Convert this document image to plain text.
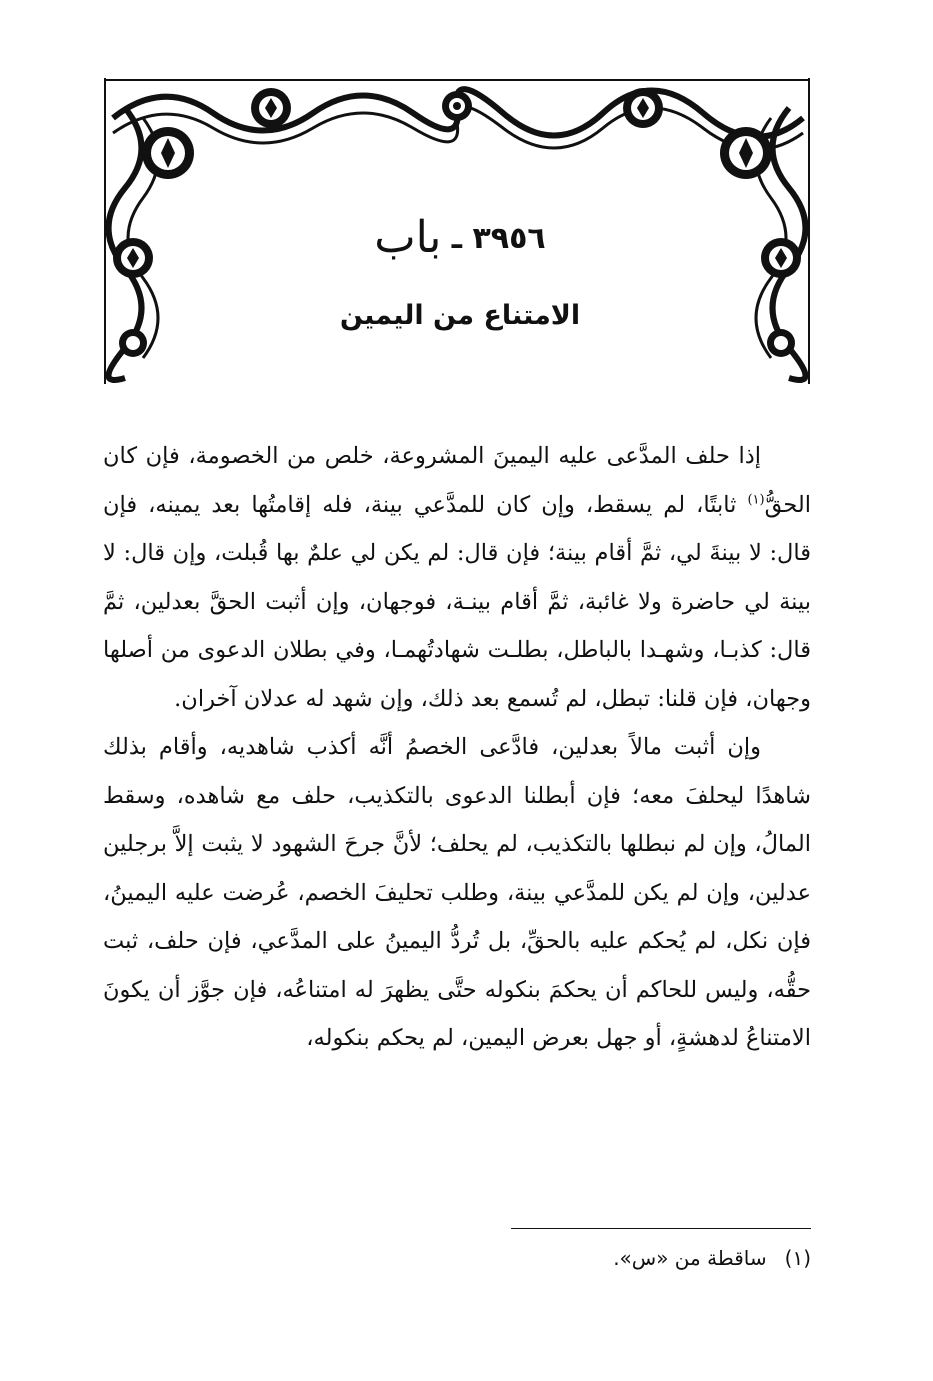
٣٩٥٦ ـ باب
الامتناع من اليمين

إذا حلف المدَّعى عليه اليمينَ المشروعة، خلص من الخصومة، فإن كان الحقُّ$^{(١)}$ ثابتًا، لم يسقط، وإن كان للمدَّعي بينة، فله إقامتُها بعد يمينه، فإن قال: لا بينةَ لي، ثمَّ أقام بينة؛ فإن قال: لم يكن لي علمٌ بها قُبلت، وإن قال: لا بينة لي حاضرة ولا غائبة، ثمَّ أقام بينـة، فوجهان، وإن أثبت الحقَّ بعدلين، ثمَّ قال: كذبـا، وشهـدا بالباطل، بطلـت شهادتُهمـا، وفي بطلان الدعوى من أصلها وجهان، فإن قلنا: تبطل، لم تُسمع بعد ذلك، وإن شهد له عدلان آخران.

وإن أثبت مالاً بعدلين، فادَّعى الخصمُ أنَّه أكذب شاهديه، وأقام بذلك شاهدًا ليحلفَ معه؛ فإن أبطلنا الدعوى بالتكذيب، حلف مع شاهده، وسقط المالُ، وإن لم نبطلها بالتكذيب، لم يحلف؛ لأنَّ جرحَ الشهود لا يثبت إلاَّ برجلين عدلين، وإن لم يكن للمدَّعي بينة، وطلب تحليفَ الخصم، عُرضت عليه اليمينُ، فإن نكل، لم يُحكم عليه بالحقِّ، بل تُردُّ اليمينُ على المدَّعي، فإن حلف، ثبت حقُّه، وليس للحاكم أن يحكمَ بنكوله حتَّى يظهرَ له امتناعُه، فإن جوَّز أن يكونَ الامتناعُ لدهشةٍ، أو جهل بعرض اليمين، لم يحكم بنكوله،

(١)ساقطة من «س».
